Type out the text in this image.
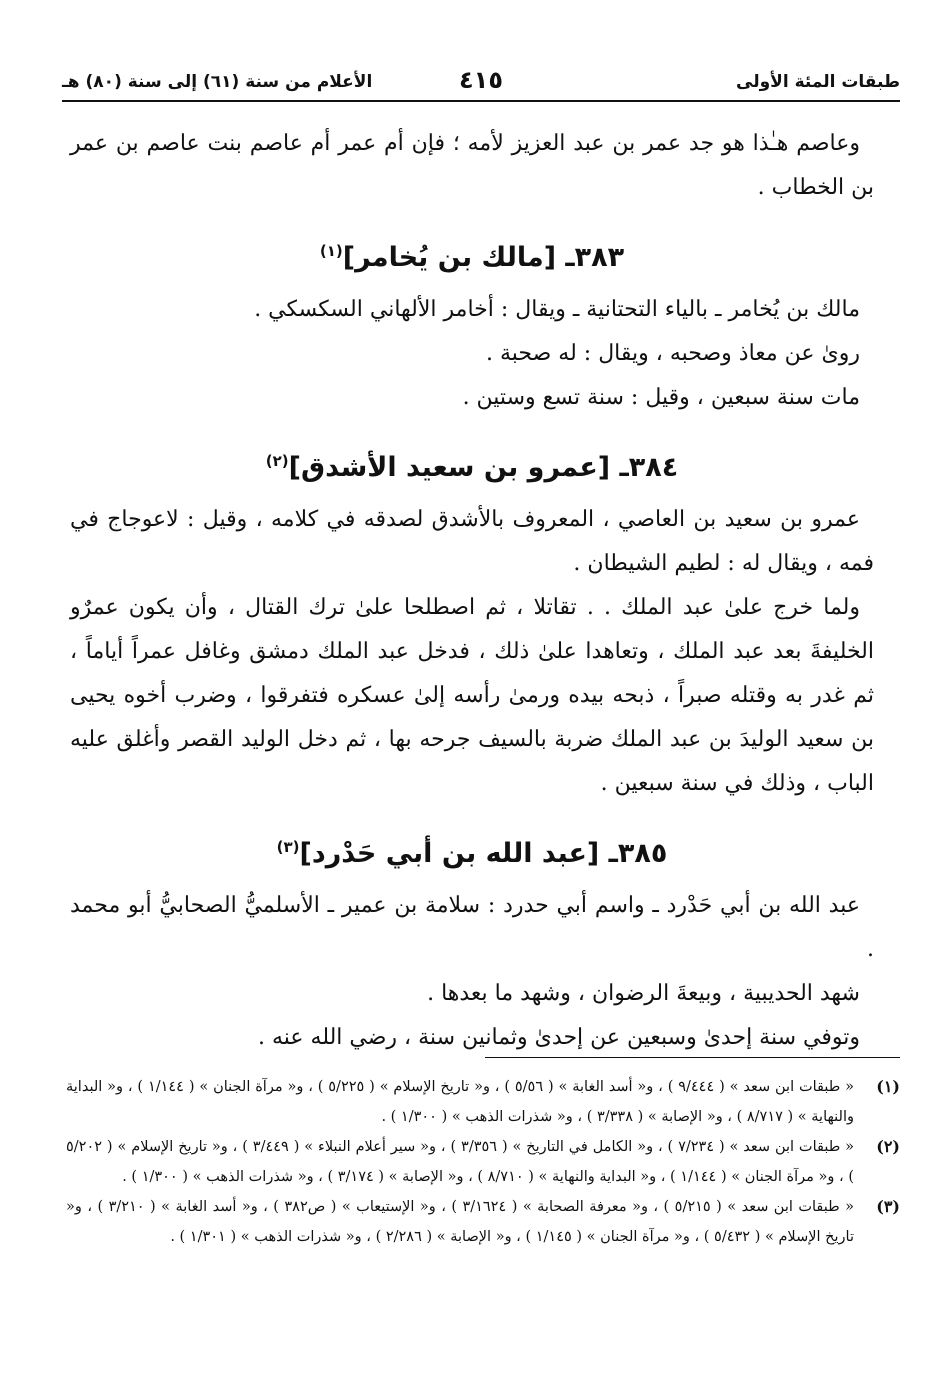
طبقات المئة الأولى
٤١٥
الأعلام من سنة (٦١) إلى سنة (٨٠) هـ

وعاصم هـٰذا هو جد عمر بن عبد العزيز لأمه ؛ فإن أم عمر أم عاصم بنت عاصم بن عمر بن الخطاب .

٣٨٣ـ [مالك بن يُخامر]$^{(١)}$

مالك بن يُخامر ـ بالياء التحتانية ـ ويقال : أخامر الألهاني السكسكي .

روىٰ عن معاذ وصحبه ، ويقال : له صحبة .

مات سنة سبعين ، وقيل : سنة تسع وستين .

٣٨٤ـ [عمرو بن سعيد الأشدق]$^{(٢)}$

عمرو بن سعيد بن العاصي ، المعروف بالأشدق لصدقه في كلامه ، وقيل : لاعوجاج في فمه ، ويقال له : لطيم الشيطان .

ولما خرج علىٰ عبد الملك . . تقاتلا ، ثم اصطلحا علىٰ ترك القتال ، وأن يكون عمرٌو الخليفةَ بعد عبد الملك ، وتعاهدا علىٰ ذلك ، فدخل عبد الملك دمشق وغافل عمراً أياماً ، ثم غدر به وقتله صبراً ، ذبحه بيده ورمىٰ رأسه إلىٰ عسكره فتفرقوا ، وضرب أخوه يحيى بن سعيد الوليدَ بن عبد الملك ضربة بالسيف جرحه بها ، ثم دخل الوليد القصر وأغلق عليه الباب ، وذلك في سنة سبعين .

٣٨٥ـ [عبد الله بن أبي حَدْرد]$^{(٣)}$

عبد الله بن أبي حَدْرد ـ واسم أبي حدرد : سلامة بن عمير ـ الأسلميُّ الصحابيُّ أبو محمد .

شهد الحديبية ، وبيعةَ الرضوان ، وشهد ما بعدها .

وتوفي سنة إحدىٰ وسبعين عن إحدىٰ وثمانين سنة ، رضي الله عنه .

(١)
« طبقات ابن سعد » ( ٩/٤٤٤ ) ، و« أسد الغابة » ( ٥/٥٦ ) ، و« تاريخ الإسلام » ( ٥/٢٢٥ ) ، و« مرآة الجنان » ( ١/١٤٤ ) ، و« البداية والنهاية » ( ٨/٧١٧ ) ، و« الإصابة » ( ٣/٣٣٨ ) ، و« شذرات الذهب » ( ١/٣٠٠ ) .
(٢)
« طبقات ابن سعد » ( ٧/٢٣٤ ) ، و« الكامل في التاريخ » ( ٣/٣٥٦ ) ، و« سير أعلام النبلاء » ( ٣/٤٤٩ ) ، و« تاريخ الإسلام » ( ٥/٢٠٢ ) ، و« مرآة الجنان » ( ١/١٤٤ ) ، و« البداية والنهاية » ( ٨/٧١٠ ) ، و« الإصابة » ( ٣/١٧٤ ) ، و« شذرات الذهب » ( ١/٣٠٠ ) .
(٣)
« طبقات ابن سعد » ( ٥/٢١٥ ) ، و« معرفة الصحابة » ( ٣/١٦٢٤ ) ، و« الإستيعاب » ( ص٣٨٢ ) ، و« أسد الغابة » ( ٣/٢١٠ ) ، و« تاريخ الإسلام » ( ٥/٤٣٢ ) ، و« مرآة الجنان » ( ١/١٤٥ ) ، و« الإصابة » ( ٢/٢٨٦ ) ، و« شذرات الذهب » ( ١/٣٠١ ) .
